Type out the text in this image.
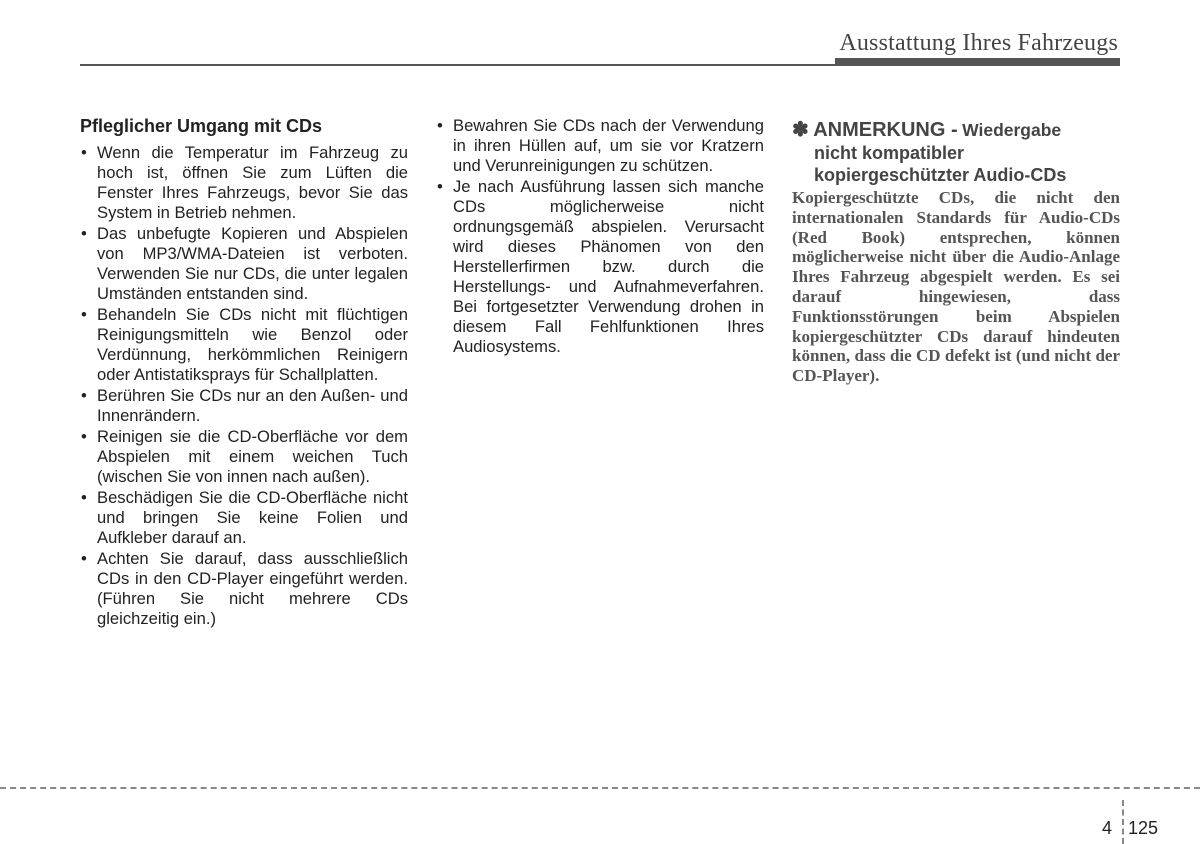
Ausstattung Ihres Fahrzeugs
Pfleglicher Umgang mit CDs
• Wenn die Temperatur im Fahrzeug zu hoch ist, öffnen Sie zum Lüften die Fenster Ihres Fahrzeugs, bevor Sie das System in Betrieb nehmen.
• Das unbefugte Kopieren und Abspielen von MP3/WMA-Dateien ist verboten. Verwenden Sie nur CDs, die unter legalen Umständen entstanden sind.
• Behandeln Sie CDs nicht mit flüchtigen Reinigungsmitteln wie Benzol oder Verdünnung, herkömmlichen Reinigern oder Antistatiksprays für Schallplatten.
• Berühren Sie CDs nur an den Außen- und Innenrändern.
• Reinigen sie die CD-Oberfläche vor dem Abspielen mit einem weichen Tuch (wischen Sie von innen nach außen).
• Beschädigen Sie die CD-Oberfläche nicht und bringen Sie keine Folien und Aufkleber darauf an.
• Achten Sie darauf, dass ausschließlich CDs in den CD-Player eingeführt werden. (Führen Sie nicht mehrere CDs gleichzeitig ein.)
• Bewahren Sie CDs nach der Verwendung in ihren Hüllen auf, um sie vor Kratzern und Verunreinigungen zu schützen.
• Je nach Ausführung lassen sich manche CDs möglicherweise nicht ordnungsgemäß abspielen. Verursacht wird dieses Phänomen von den Herstellerfirmen bzw. durch die Herstellungs- und Aufnahmeverfahren. Bei fortgesetzter Verwendung drohen in diesem Fall Fehlfunktionen Ihres Audiosystems.
✽ ANMERKUNG - Wiedergabe
nicht kompatibler
kopiergeschützter Audio-CDs
Kopiergeschützte CDs, die nicht den internationalen Standards für Audio-CDs (Red Book) entsprechen, können möglicherweise nicht über die Audio-Anlage Ihres Fahrzeug abgespielt werden. Es sei darauf hingewiesen, dass Funktionsstörungen beim Abspielen kopiergeschützter CDs darauf hindeuten können, dass die CD defekt ist (und nicht der CD-Player).
4 125
